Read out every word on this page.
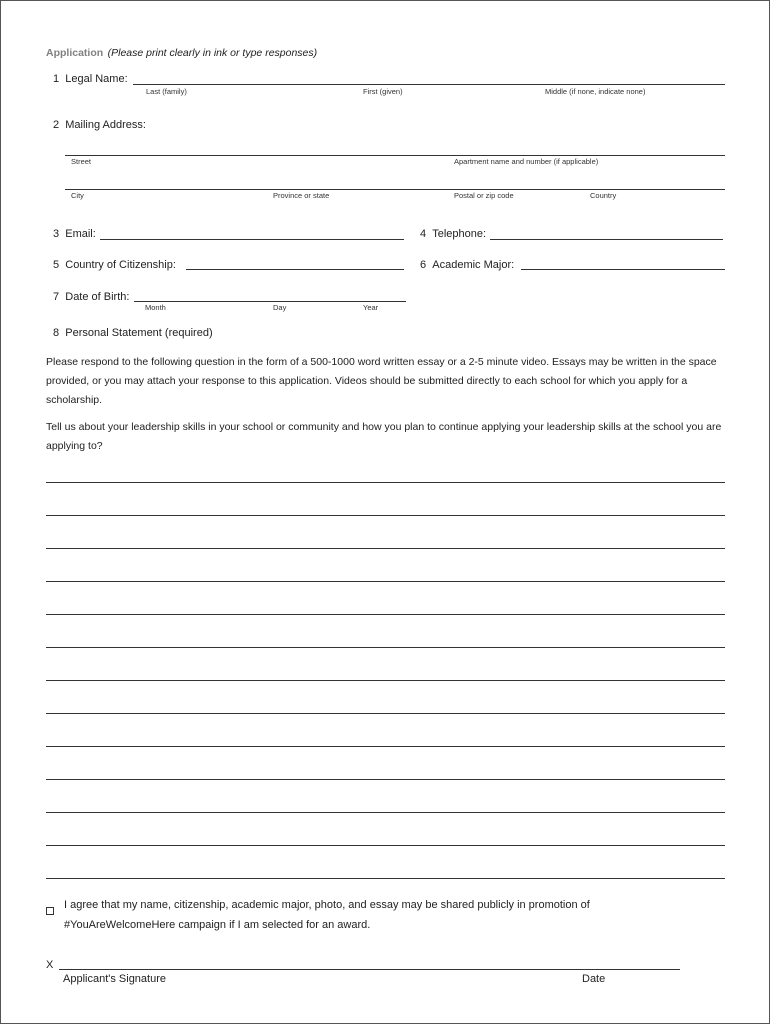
Application (Please print clearly in ink or type responses)
1 Legal Name:
Last (family)	First (given)	Middle (if none, indicate none)
2 Mailing Address:
Street	Apartment name and number (if applicable)
City	Province or state	Postal or zip code	Country
3 Email:	4 Telephone:
5 Country of Citizenship:	6 Academic Major:
7 Date of Birth:
Month	Day	Year
8 Personal Statement (required)
Please respond to the following question in the form of a 500-1000 word written essay or a 2-5 minute video. Essays may be written in the space provided, or you may attach your response to this application. Videos should be submitted directly to each school for which you apply for a scholarship.
Tell us about your leadership skills in your school or community and how you plan to continue applying your leadership skills at the school you are applying to?
I agree that my name, citizenship, academic major, photo, and essay may be shared publicly in promotion of
#YouAreWelcomeHere campaign if I am selected for an award.
X
Applicant's Signature	Date
